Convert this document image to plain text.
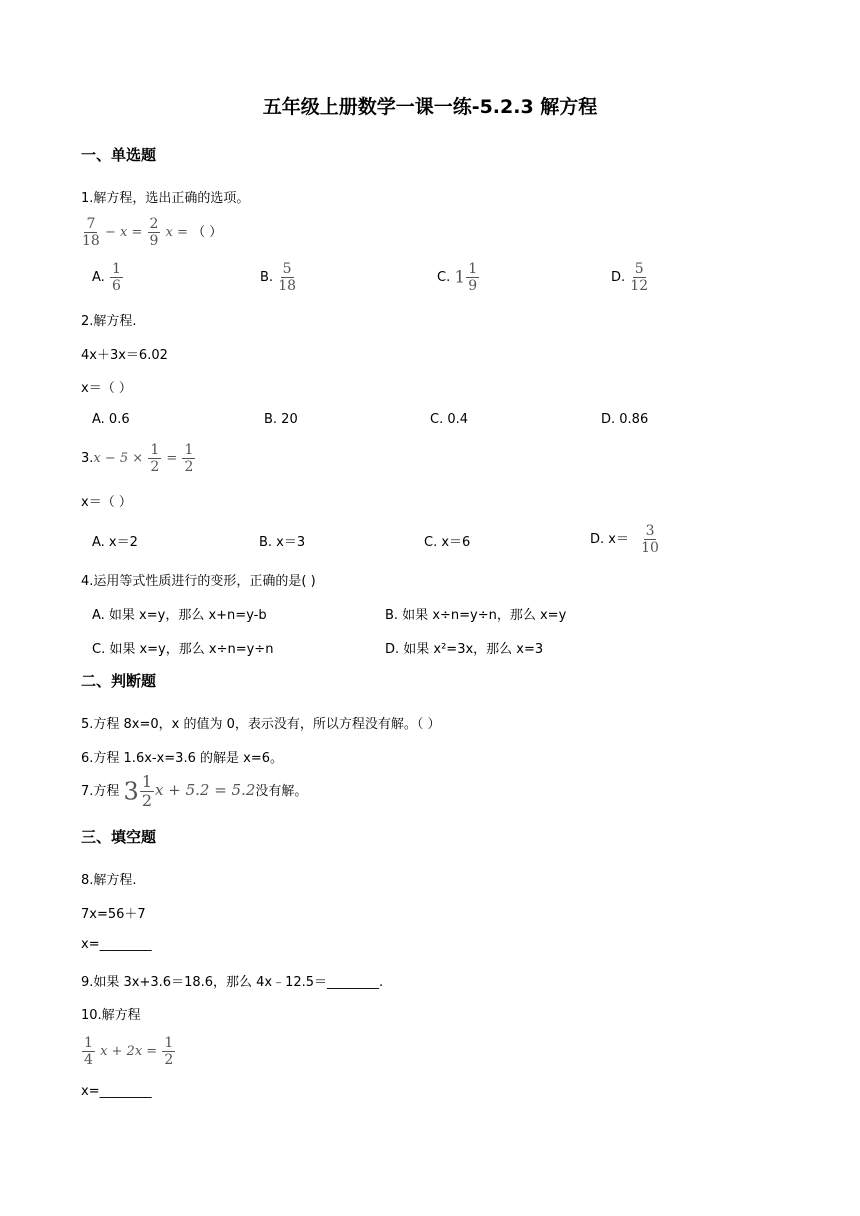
五年级上册数学一课一练-5.2.3 解方程
一、单选题
1.解方程，选出正确的选项。
$\frac{7}{18} - x = \frac{2}{9}$ x = （ ）
A. $\frac{1}{6}$	B. $\frac{5}{18}$	C. $1 \frac{1}{9}$	D. $\frac{5}{12}$
2.解方程.
4x＋3x＝6.02
x＝（ ）
A. 0.6	B. 20	C. 0.4	D. 0.86
$3.x - 5 \times \frac{1}{2} = \frac{1}{2}$
x＝（ ）
A. x＝2	B. x＝3	C. x＝6	D. $x= \frac{3}{10}$
4.运用等式性质进行的变形，正确的是( )
A. 如果 x=y，那么 x+n=y-b	B. 如果 x÷n=y÷n，那么 x=y
C. 如果 x=y，那么 x÷n=y÷n	D. 如果 x²=3x，那么 x=3
二、判断题
5.方程 8x=0，x 的值为 0，表示没有，所以方程没有解。（ ）
6.方程 1.6x-x=3.6 的解是 x=6。
7.方程 $3 \frac{1}{2}$ x + 5.2 = 5.2没有解。
三、填空题
8.解方程.
7x=56＋7
x=________
9.如果 3x+3.6＝18.6，那么 4x﹣12.5＝________.
10.解方程
$\frac{1}{4}$ $x + 2x = \frac{1}{2}$
x=________
